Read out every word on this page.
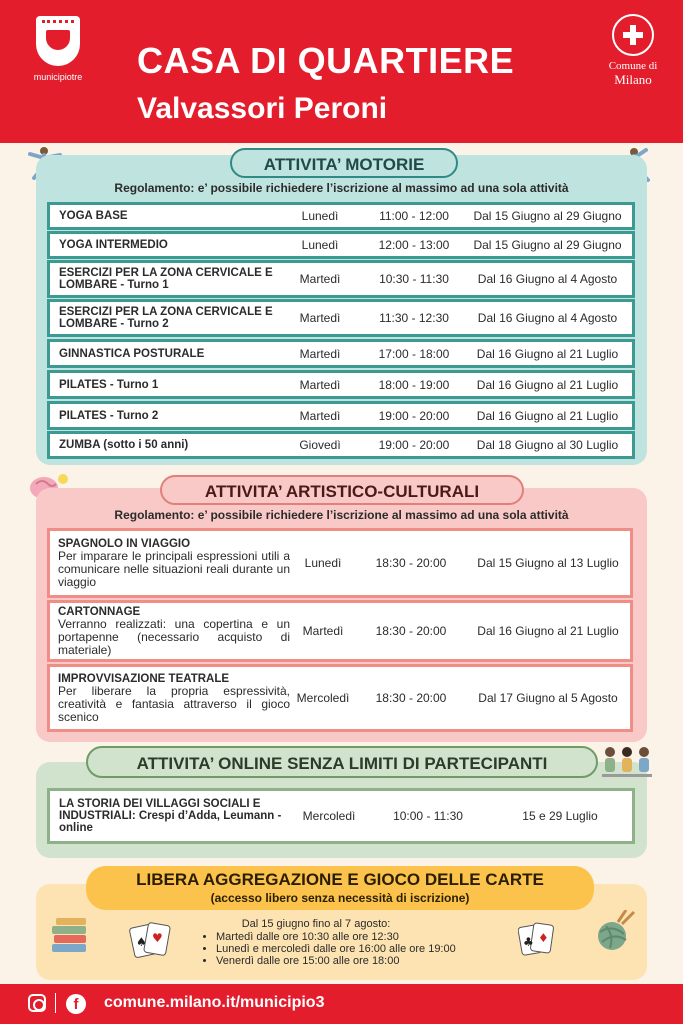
municipiotre CASA DI QUARTIERE
Valvassori Peroni
Comune di
Milano
Regolamento: e’ possibile richiedere l’iscrizione al massimo ad una sola attività
ATTIVITA’ MOTORIE
YOGA BASE	Lunedì	11:00 - 12:00	Dal 15 Giugno al 29 Giugno
YOGA INTERMEDIO	Lunedì	12:00 - 13:00	Dal 15 Giugno al 29 Giugno
ESERCIZI PER LA ZONA CERVICALE E LOMBARE - Turno 1	Martedì	10:30 - 11:30	Dal 16 Giugno al 4 Agosto
ESERCIZI PER LA ZONA CERVICALE E LOMBARE - Turno 2	Martedì	11:30 - 12:30	Dal 16 Giugno al 4 Agosto
GINNASTICA POSTURALE	Martedì	17:00 - 18:00	Dal 16 Giugno al 21 Luglio
PILATES - Turno 1	Martedì	18:00 - 19:00	Dal 16 Giugno al 21 Luglio
PILATES - Turno 2	Martedì	19:00 - 20:00	Dal 16 Giugno al 21 Luglio
ZUMBA (sotto i 50 anni)	Giovedì	19:00 - 20:00	Dal 18 Giugno al 30 Luglio
Regolamento: e’ possibile richiedere l’iscrizione al massimo ad una sola attività
ATTIVITA’ ARTISTICO-CULTURALI
SPAGNOLO IN VIAGGIO
Per imparare le principali espressioni utili a comunicare nelle situazioni reali durante un viaggio
Lunedì	18:30 - 20:00	Dal 15 Giugno al 13 Luglio
CARTONNAGE
Verranno realizzati: una copertina e un portapenne (necessario acquisto di materiale)
Martedì	18:30 - 20:00	Dal 16 Giugno al 21 Luglio
IMPROVVISAZIONE TEATRALE
Per liberare la propria espressività, creatività e fantasia attraverso il gioco scenico
Mercoledì	18:30 - 20:00	Dal 17 Giugno al 5 Agosto
ATTIVITA’ ONLINE SENZA LIMITI DI PARTECIPANTI
LA STORIA DEI VILLAGGI SOCIALI E INDUSTRIALI: Crespi d’Adda, Leumann - online
Mercoledì	10:00 - 11:30	15 e 29 Luglio
LIBERA AGGREGAZIONE E GIOCO DELLE CARTE
(accesso libero senza necessità di iscrizione)
Dal 15 giugno fino al 7 agosto:
• Martedì dalle ore 10:30 alle ore 12:30
• Lunedì e mercoledì dalle ore 16:00 alle ore 19:00
• Venerdì dalle ore 15:00 alle ore 18:00
♥
♠	♦
♣
f	comune.milano.it/municipio3
